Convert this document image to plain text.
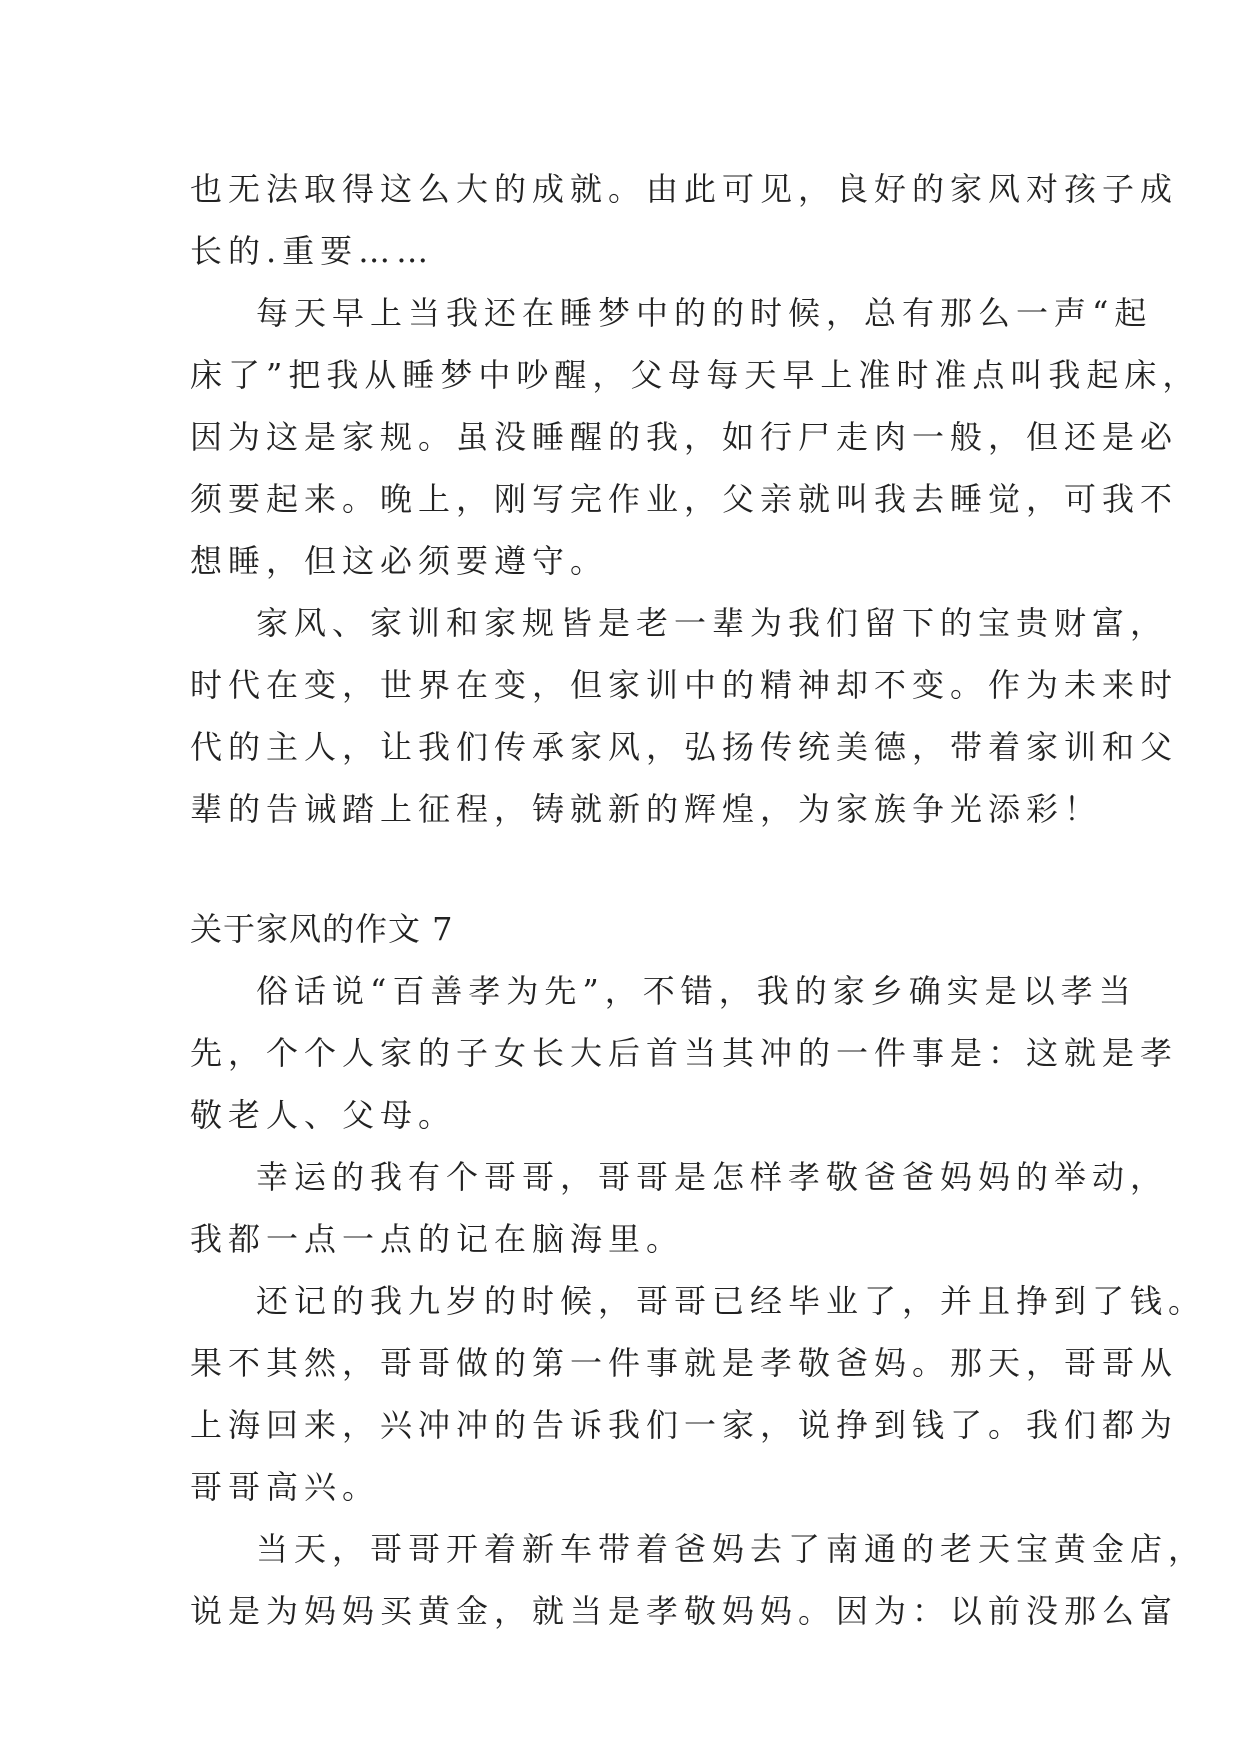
也无法取得这么大的成就。由此可见，良好的家风对孩子成

长的.重要……

每天早上当我还在睡梦中的的时候，总有那么一声“起

床了”把我从睡梦中吵醒，父母每天早上准时准点叫我起床，

因为这是家规。虽没睡醒的我，如行尸走肉一般，但还是必

须要起来。晚上，刚写完作业，父亲就叫我去睡觉，可我不

想睡，但这必须要遵守。

家风、家训和家规皆是老一辈为我们留下的宝贵财富，

时代在变，世界在变，但家训中的精神却不变。作为未来时

代的主人，让我们传承家风，弘扬传统美德，带着家训和父

辈的告诫踏上征程，铸就新的辉煌，为家族争光添彩！

关于家风的作文 7

俗话说“百善孝为先”，不错，我的家乡确实是以孝当

先，个个人家的子女长大后首当其冲的一件事是：这就是孝

敬老人、父母。

幸运的我有个哥哥，哥哥是怎样孝敬爸爸妈妈的举动，

我都一点一点的记在脑海里。

还记的我九岁的时候，哥哥已经毕业了，并且挣到了钱。

果不其然，哥哥做的第一件事就是孝敬爸妈。那天，哥哥从

上海回来，兴冲冲的告诉我们一家，说挣到钱了。我们都为

哥哥高兴。

当天，哥哥开着新车带着爸妈去了南通的老天宝黄金店，

说是为妈妈买黄金，就当是孝敬妈妈。因为：以前没那么富
